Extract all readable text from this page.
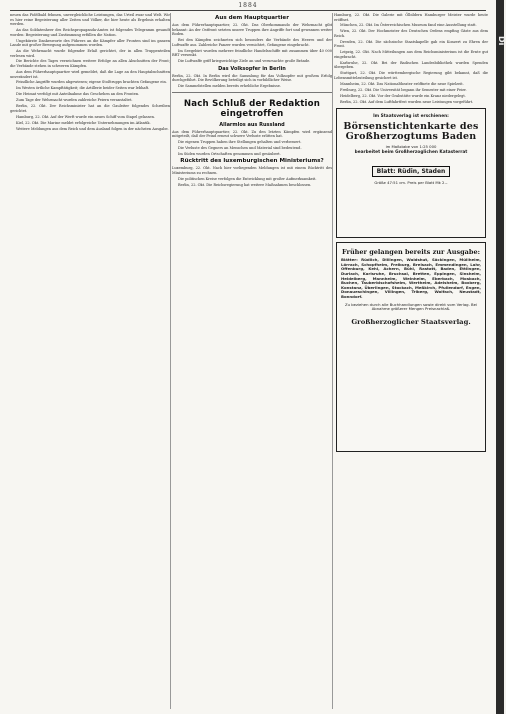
1884

neuen das Fidèlbald fehmen, unvergleichliche Leistungen, das Urteil zwar und Welt. Wir es hier reine Begeisterung aller Zeiten und Völker, die hier heute als Ergebnis erhalten werden.

An das Soldatenheer des Reichspropaganda-Amtes ist folgendes Telegramm gesandt worden: Begeisterung und Zustimmung erfüllen die Nation.

Ungekürzte Dankesworte des Führers an die Kämpfer aller Fronten sind im ganzen Lande mit großer Bewegung aufgenommen worden.

An die Wehrmacht wurde folgender Erlaß gerichtet, der in allen Truppenteilen verlesen wird.

Die Berichte des Tages verzeichnen weitere Erfolge an allen Abschnitten der Front; die Verbände stehen in schweren Kämpfen.

Aus dem Führerhauptquartier wird gemeldet, daß die Lage an den Hauptabschnitten unverändert ist.

Feindliche Angriffe wurden abgewiesen; eigene Stoßtrupps brachten Gefangene ein.

Im Westen örtliche Kampftätigkeit; die Artillerie beider Seiten war lebhaft.

Die Heimat verfolgt mit Anteilnahme das Geschehen an den Fronten.

Zum Tage der Wehrmacht wurden zahlreiche Feiern veranstaltet.

Berlin, 22. Okt. Der Reichsminister hat an die Gauleiter folgendes Schreiben gerichtet.

Hamburg, 22. Okt. Auf der Werft wurde ein neues Schiff vom Stapel gelassen.

Kiel, 22. Okt. Die Marine meldet erfolgreiche Unternehmungen im Atlantik.

Weitere Meldungen aus dem Reich und dem Ausland folgen in der nächsten Ausgabe.

Aus dem Hauptquartier

Aus dem Führerhauptquartier, 22. Okt. Das Oberkommando der Wehrmacht gibt bekannt: An der Ostfront setzten unsere Truppen ihre Angriffe fort und gewannen weiter Boden.

Bei den Kämpfen zeichneten sich besonders die Verbände des Heeres und der Luftwaffe aus. Zahlreiche Panzer wurden vernichtet, Gefangene eingebracht.

Im Seegebiet wurden mehrere feindliche Handelsschiffe mit zusammen über 40 000 BRT versenkt.

Die Luftwaffe griff kriegswichtige Ziele an und verursachte große Brände.

Das Volksopfer in Berlin

Berlin, 22. Okt. In Berlin wird die Sammlung für das Volksopfer mit großem Erfolg durchgeführt. Die Bevölkerung beteiligt sich in vorbildlicher Weise.

Die Sammelstellen melden bereits erhebliche Ergebnisse.

Nach Schluß der Redaktion eingetroffen
Allarmlos aus Russland

Aus dem Führerhauptquartier, 22. Okt. Zu den letzten Kämpfen wird ergänzend mitgeteilt, daß der Feind erneut schwere Verluste erlitten hat.

Die eigenen Truppen haben ihre Stellungen gehalten und verbessert.

Die Verluste des Gegners an Menschen und Material sind bedeutend.

Im Süden wurden Ortschaften genommen und gesäubert.

Rücktritt des luxemburgischen Ministeriums?

Luxemburg, 22. Okt. Nach hier vorliegenden Meldungen ist mit einem Rücktritt des Ministeriums zu rechnen.

Die politischen Kreise verfolgen die Entwicklung mit großer Aufmerksamkeit.

Berlin, 22. Okt. Die Reichsregierung hat weitere Maßnahmen beschlossen.

Hamburg, 22. Okt. Die Galerie mit Ölbildern Hamburger Meister wurde heute eröffnet.

München, 22. Okt. Im Österreichischen Museum fand eine Ausstellung statt.

Wien, 22. Okt. Der Hochmeister des Deutschen Ordens empfing Gäste aus dem Reich.

Dresden, 22. Okt. Die sächsische Staatskapelle gab ein Konzert zu Ehren der Front.

Leipzig, 22. Okt. Nach Mitteilungen aus dem Reichsministerium ist die Ernte gut eingebracht.

Karlsruhe, 22. Okt. Bei der Badischen Landesbibliothek wurden Spenden übergeben.

Stuttgart, 22. Okt. Die württembergische Regierung gibt bekannt, daß die Lebensmittelzuteilung gesichert ist.

Mannheim, 22. Okt. Das Nationaltheater eröffnete die neue Spielzeit.

Freiburg, 22. Okt. Die Universität begann ihr Semester mit einer Feier.

Heidelberg, 22. Okt. Vor der Grabstätte wurde ein Kranz niedergelegt.

Berlin, 22. Okt. Auf dem Luftfahrtfest wurden neue Leistungen vorgeführt.

Im Staatsverlag ist erschienen:
Börsenstichtenkarte des Großherzogtums Baden
im Maßstabe von 1:25 000
bearbeitet beim Großherzoglichen Katasterrat
Blatt: Rüdin, Staden
Größe 47:51 cm. Preis per Blatt Mk 2.–
Früher gelangen bereits zur Ausgabe:
Blätter: Rüdlich, Dillingen, Waldshut, Säckingen, Müllheim, Lörrach, Schopfheim, Freiburg, Breisach, Emmendingen, Lahr, Offenburg, Kehl, Achern, Bühl, Rastatt, Baden, Ettlingen, Durlach, Karlsruhe, Bruchsal, Bretten, Eppingen, Sinsheim, Heidelberg, Mannheim, Weinheim, Eberbach, Mosbach, Buchen, Tauberbischofsheim, Wertheim, Adelsheim, Boxberg, Konstanz, Überlingen, Stockach, Meßkirch, Pfullendorf, Engen, Donaueschingen, Villingen, Triberg, Wolfach, Neustadt, Bonndorf.
Zu beziehen durch alle Buchhandlungen sowie direkt vom Verlag. Bei Abnahme größerer Mengen Preisnachlaß.
Großherzoglicher Staatsverlag.
Di
